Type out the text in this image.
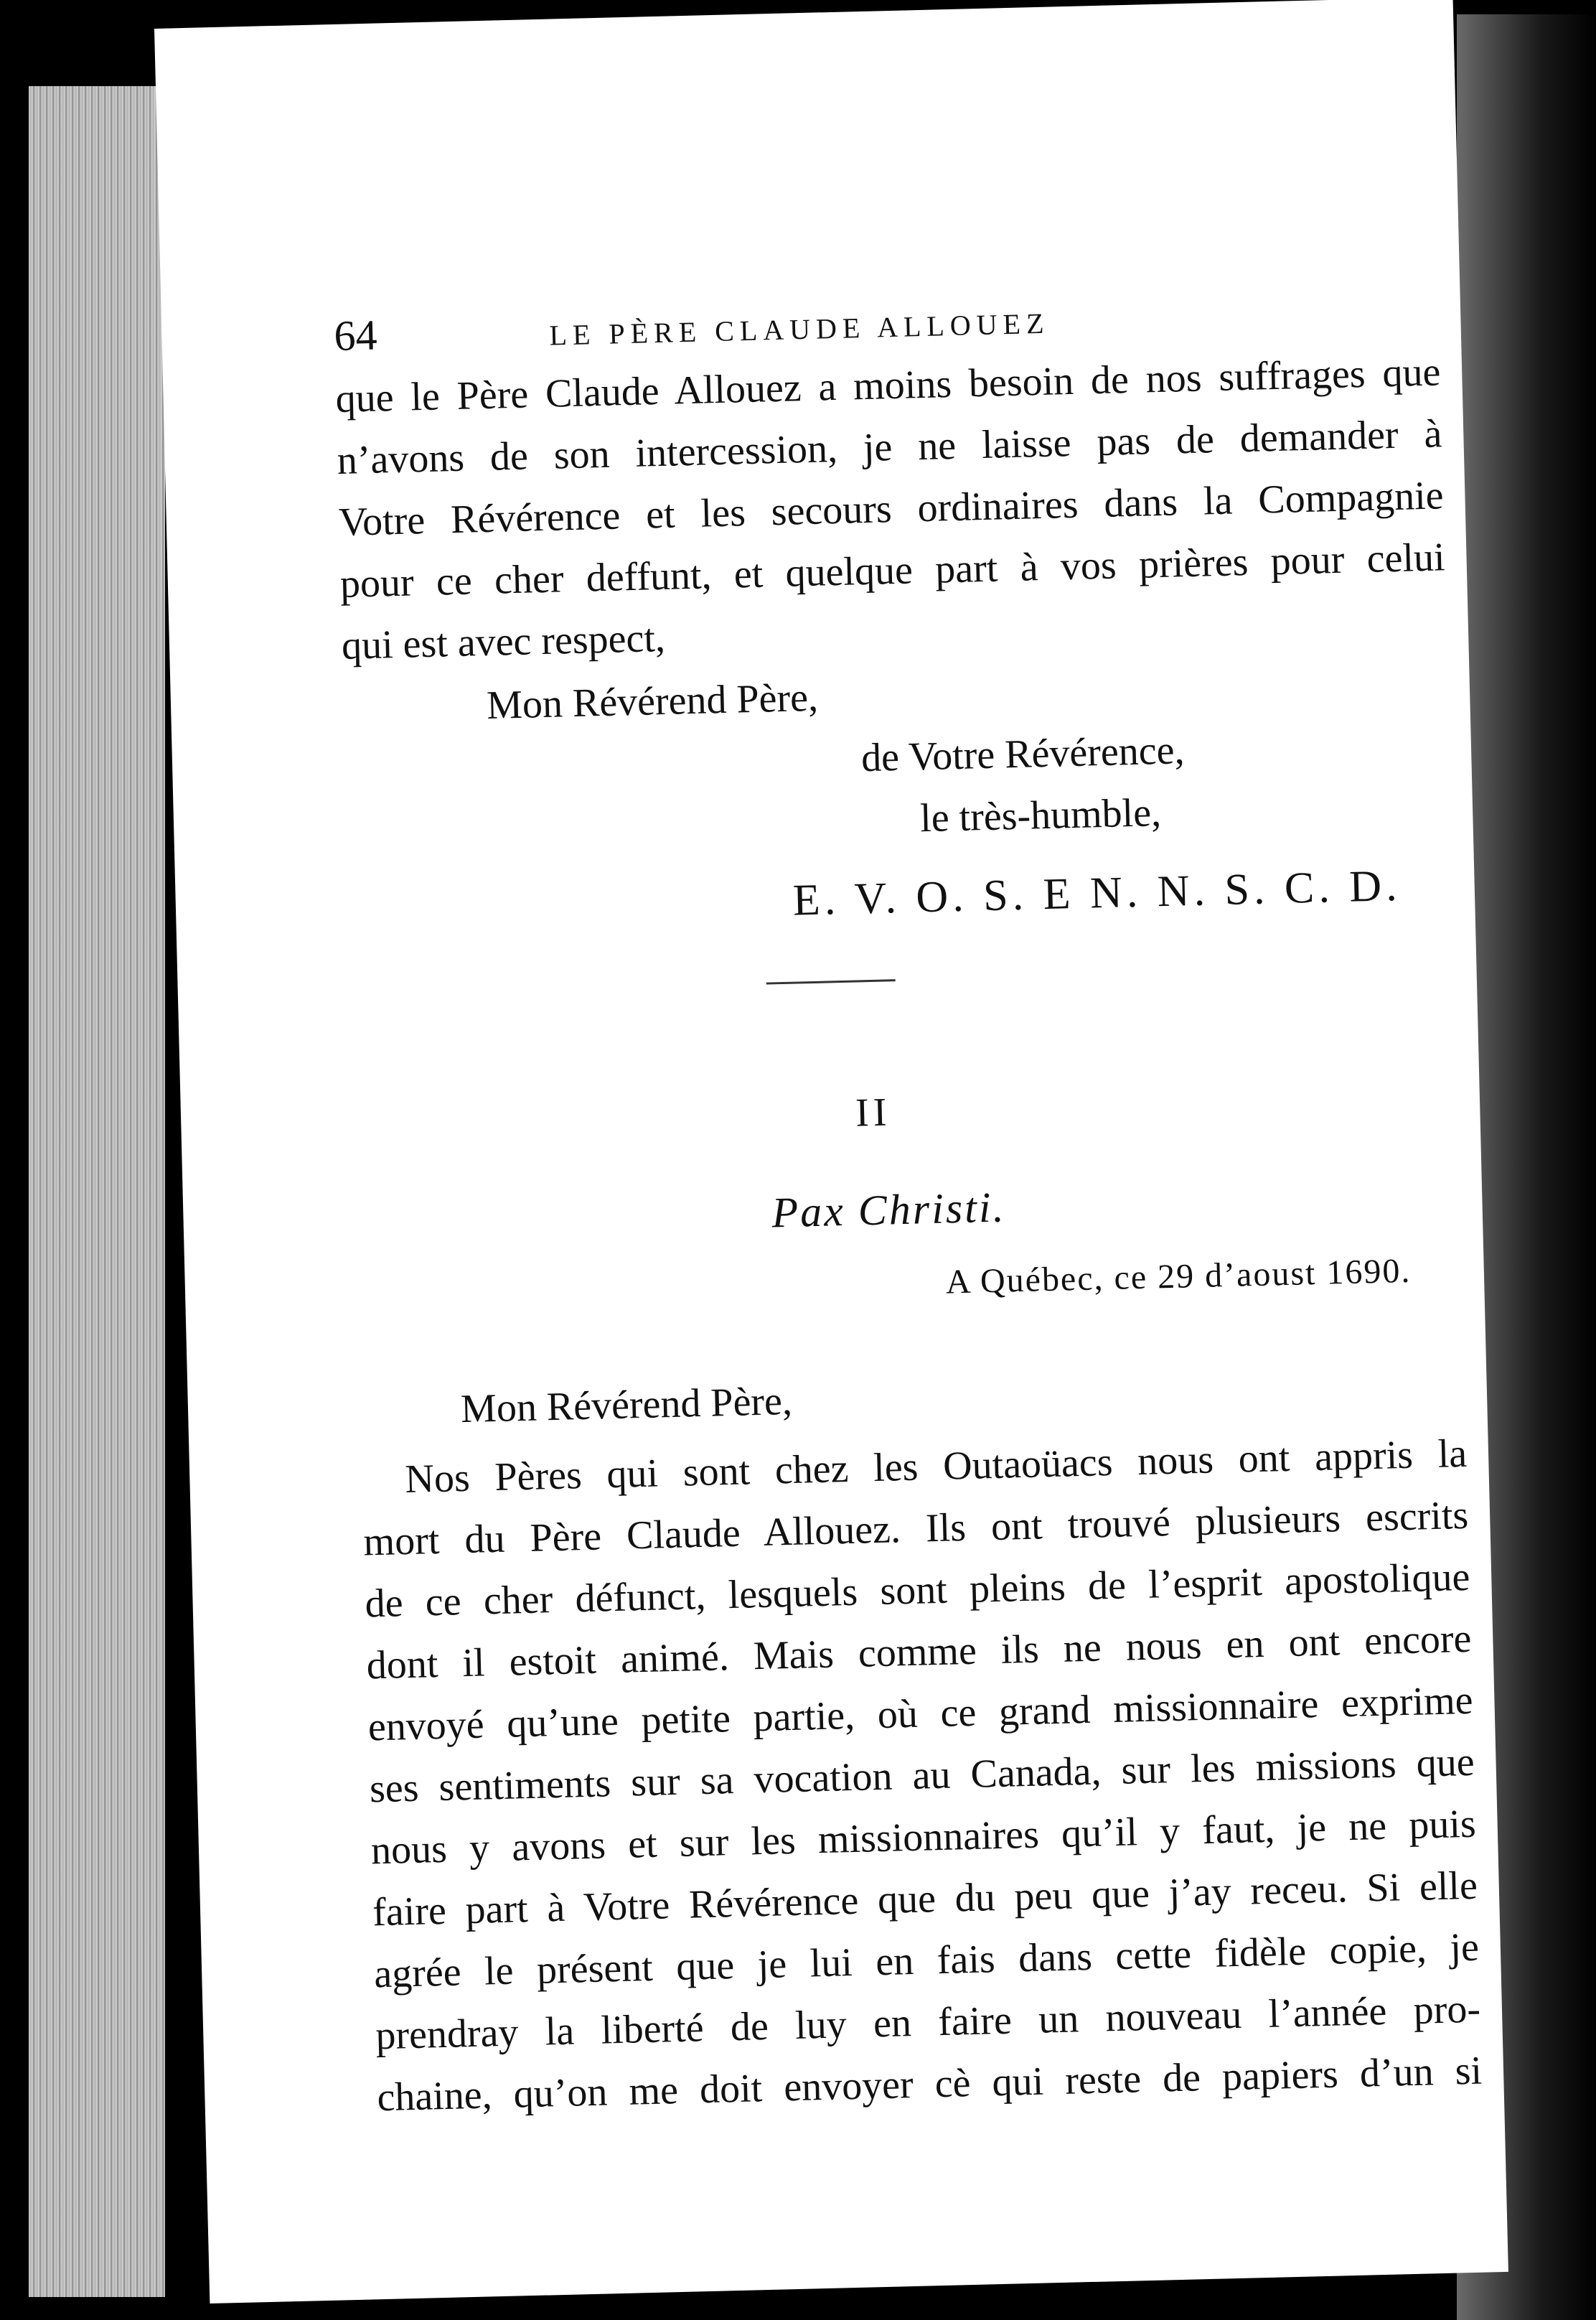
64	LE PÈRE CLAUDE ALLOUEZ
que le Père Claude Allouez a moins besoin de nos suffrages que
n’avons de son intercession, je ne laisse pas de demander à
Votre Révérence et les secours ordinaires dans la Compagnie
pour ce cher deffunt, et quelque part à vos prières pour celui
qui est avec respect,
Mon Révérend Père,
de Votre Révérence,
le très-humble,
E. V. O. S. E N. N. S. C. D.
II
Pax Christi.
A Québec, ce 29 d’aoust 1690.
Mon Révérend Père,
Nos Pères qui sont chez les Outaoüacs nous ont appris la
mort du Père Claude Allouez. Ils ont trouvé plusieurs escrits
de ce cher défunct, lesquels sont pleins de l’esprit apostolique
dont il estoit animé. Mais comme ils ne nous en ont encore
envoyé qu’une petite partie, où ce grand missionnaire exprime
ses sentiments sur sa vocation au Canada, sur les missions que
nous y avons et sur les missionnaires qu’il y faut, je ne puis
faire part à Votre Révérence que du peu que j’ay receu. Si elle
agrée le présent que je lui en fais dans cette fidèle copie, je
prendray la liberté de luy en faire un nouveau l’année pro-
chaine, qu’on me doit envoyer cè qui reste de papiers d’un si
